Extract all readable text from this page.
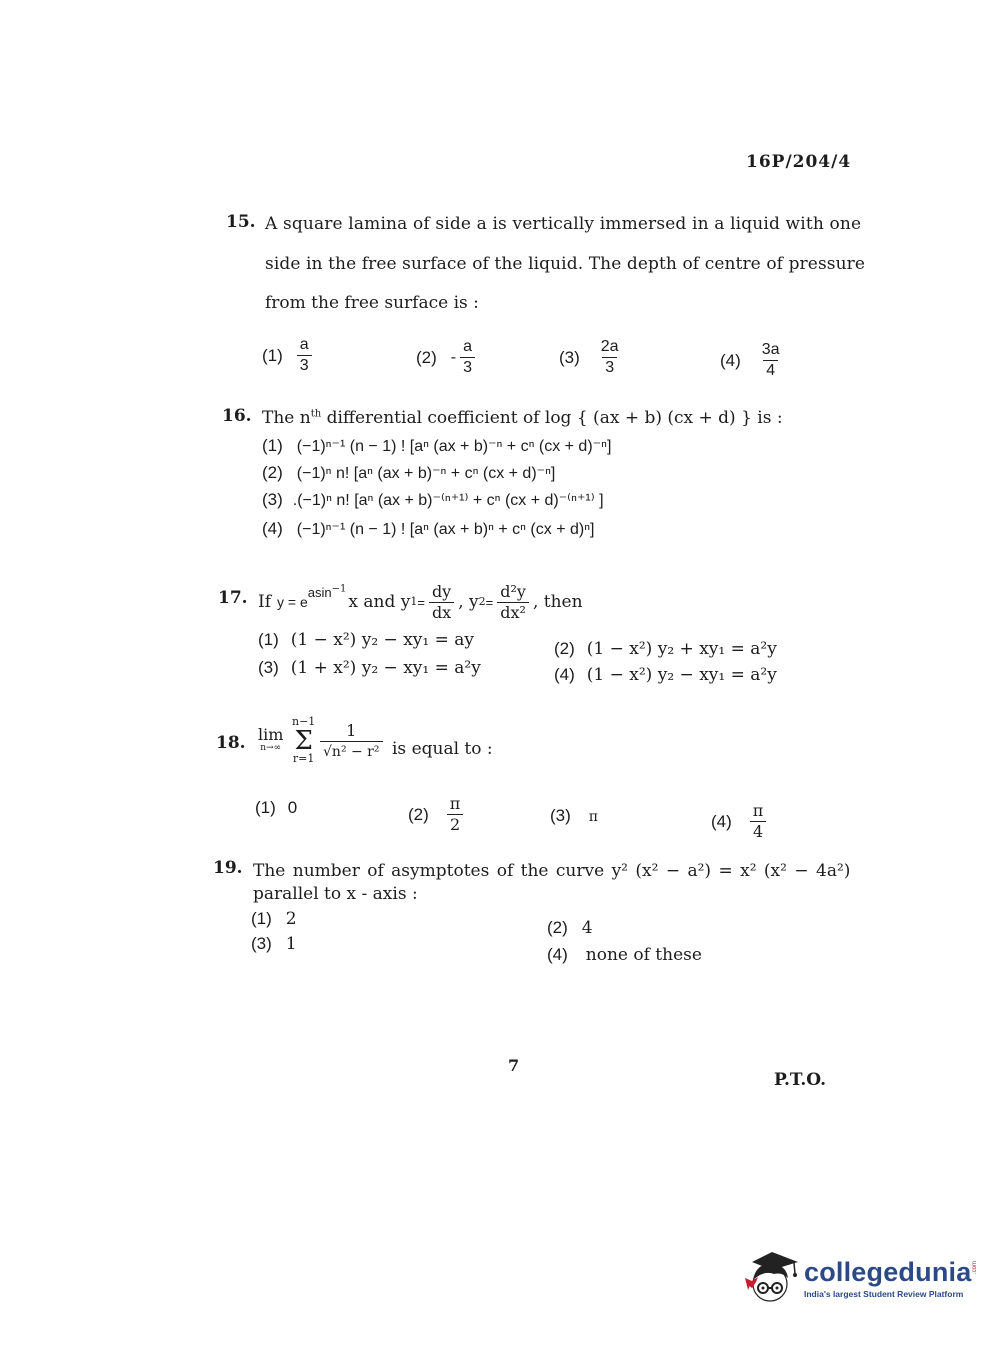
16P/204/4
15. A square lamina of side a is vertically immersed in a liquid with one
side in the free surface of the liquid. The depth of centre of pressure
from the free surface is :
$(1) \frac{a}{3}$	$(2) - \frac{a}{3}$	$(3) \frac{2a}{3}$	$(4) \frac{3a}{4}$
16. The $n^{th}$ differential coefficient of log { (ax + b) (cx + d) } is :
(1) (−1)ⁿ⁻¹ (n − 1) ! [aⁿ (ax + b)⁻ⁿ + cⁿ (cx + d)⁻ⁿ]
(2) (−1)ⁿ n! [aⁿ (ax + b)⁻ⁿ + cⁿ (cx + d)⁻ⁿ]
(3) .(−1)ⁿ n! [aⁿ (ax + b)⁻⁽ⁿ⁺¹⁾ + cⁿ (cx + d)⁻⁽ⁿ⁺¹⁾ ]
(4) (−1)ⁿ⁻¹ (n − 1) ! [aⁿ (ax + b)ⁿ + cⁿ (cx + d)ⁿ]
17. If y = e
asin$^{-1}$
x and y $1 = \frac{dy}{dx}$ , y $2 = \frac{\text{d²y}}{\text{dx²}}$ , then
(1) (1 − x²) y₂ − xy₁ = ay	(2) (1 − x²) y₂ + xy₁ = a²y
(3) (1 + x²) y₂ − xy₁ = a²y	(4) (1 − x²) y₂ − xy₁ = a²y
18. lim
n→∞
n−1
Σ
$r=1 \frac{1}{\text{√n² − r²}}$ is equal to :
(1) 0	$(2) \frac{\pi}{2}$	(3) π	$(4) \frac{\pi}{4}$
19. The number of asymptotes of the curve y² (x² − a²) = x² (x² − 4a²)
parallel to x - axis :
(1) 2	(2) 4
(3) 1
(4) none of these
7
P.T.O.
collegedunia .com
India's largest Student Review Platform
